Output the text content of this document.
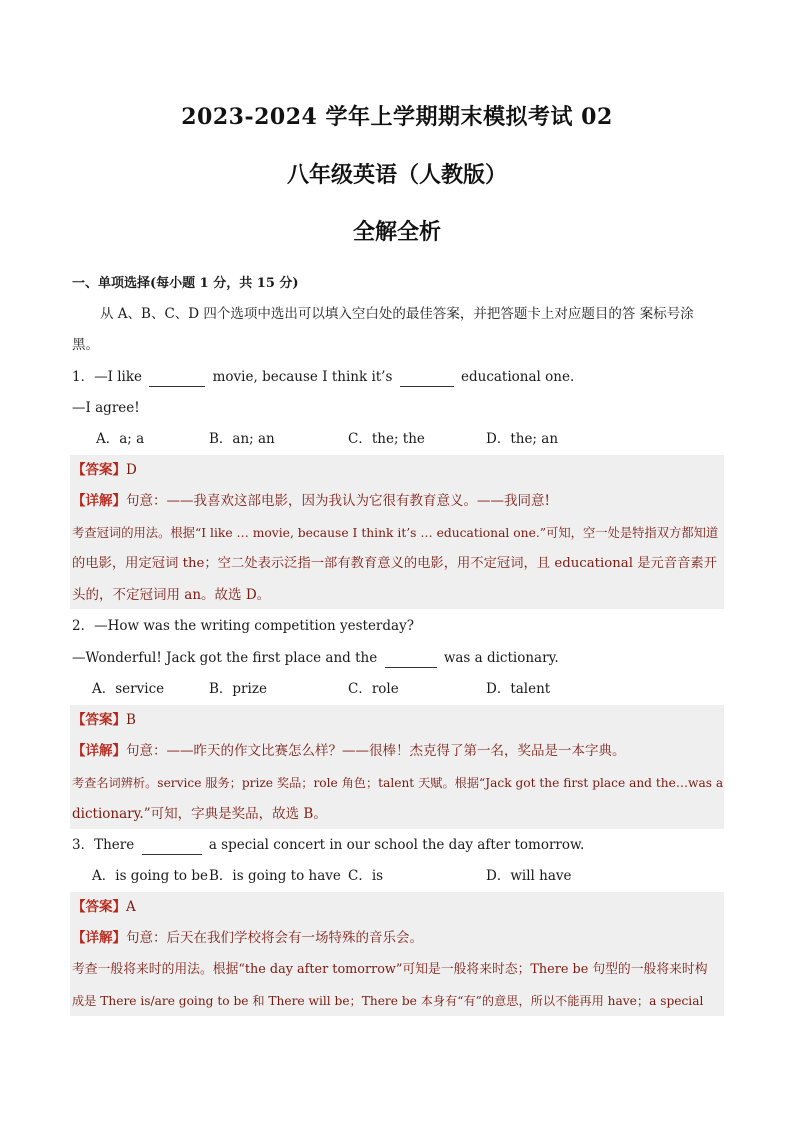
2023-2024 学年上学期期末模拟考试 02
八年级英语（人教版）
全解全析
一、单项选择(每小题 1 分，共 15 分)
从 A、B、C、D 四个选项中选出可以填入空白处的最佳答案，并把答题卡上对应题目的答 案标号涂
黑。
1．—I like	movie, because I think it’s	educational one.
—I agree!
A．a; a	B．an; an	C．the; the	D．the; an
【答案】D
【详解】句意：——我喜欢这部电影，因为我认为它很有教育意义。——我同意!
考查冠词的用法。根据“I like … movie, because I think it’s … educational one.”可知，空一处是特指双方都知道
的电影，用定冠词 the；空二处表示泛指一部有教育意义的电影，用不定冠词，且 educational 是元音音素开
头的，不定冠词用 an。故选 D。
2．—How was the writing competition yesterday?
—Wonderful! Jack got the first place and the	was a dictionary.
A．service	B．prize	C．role	D．talent
【答案】B
【详解】句意：——昨天的作文比赛怎么样？——很棒！杰克得了第一名，奖品是一本字典。
考查名词辨析。service 服务；prize 奖品；role 角色；talent 天赋。根据“Jack got the first place and the…was a
dictionary.”可知，字典是奖品，故选 B。
3．There	a special concert in our school the day after tomorrow.
A．is going to be B．is going to have C．is	D．will have
【答案】A
【详解】句意：后天在我们学校将会有一场特殊的音乐会。
考查一般将来时的用法。根据“the day after tomorrow”可知是一般将来时态；There be 句型的一般将来时构
成是 There is/are going to be 和 There will be；There be 本身有“有”的意思，所以不能再用 have；a special
